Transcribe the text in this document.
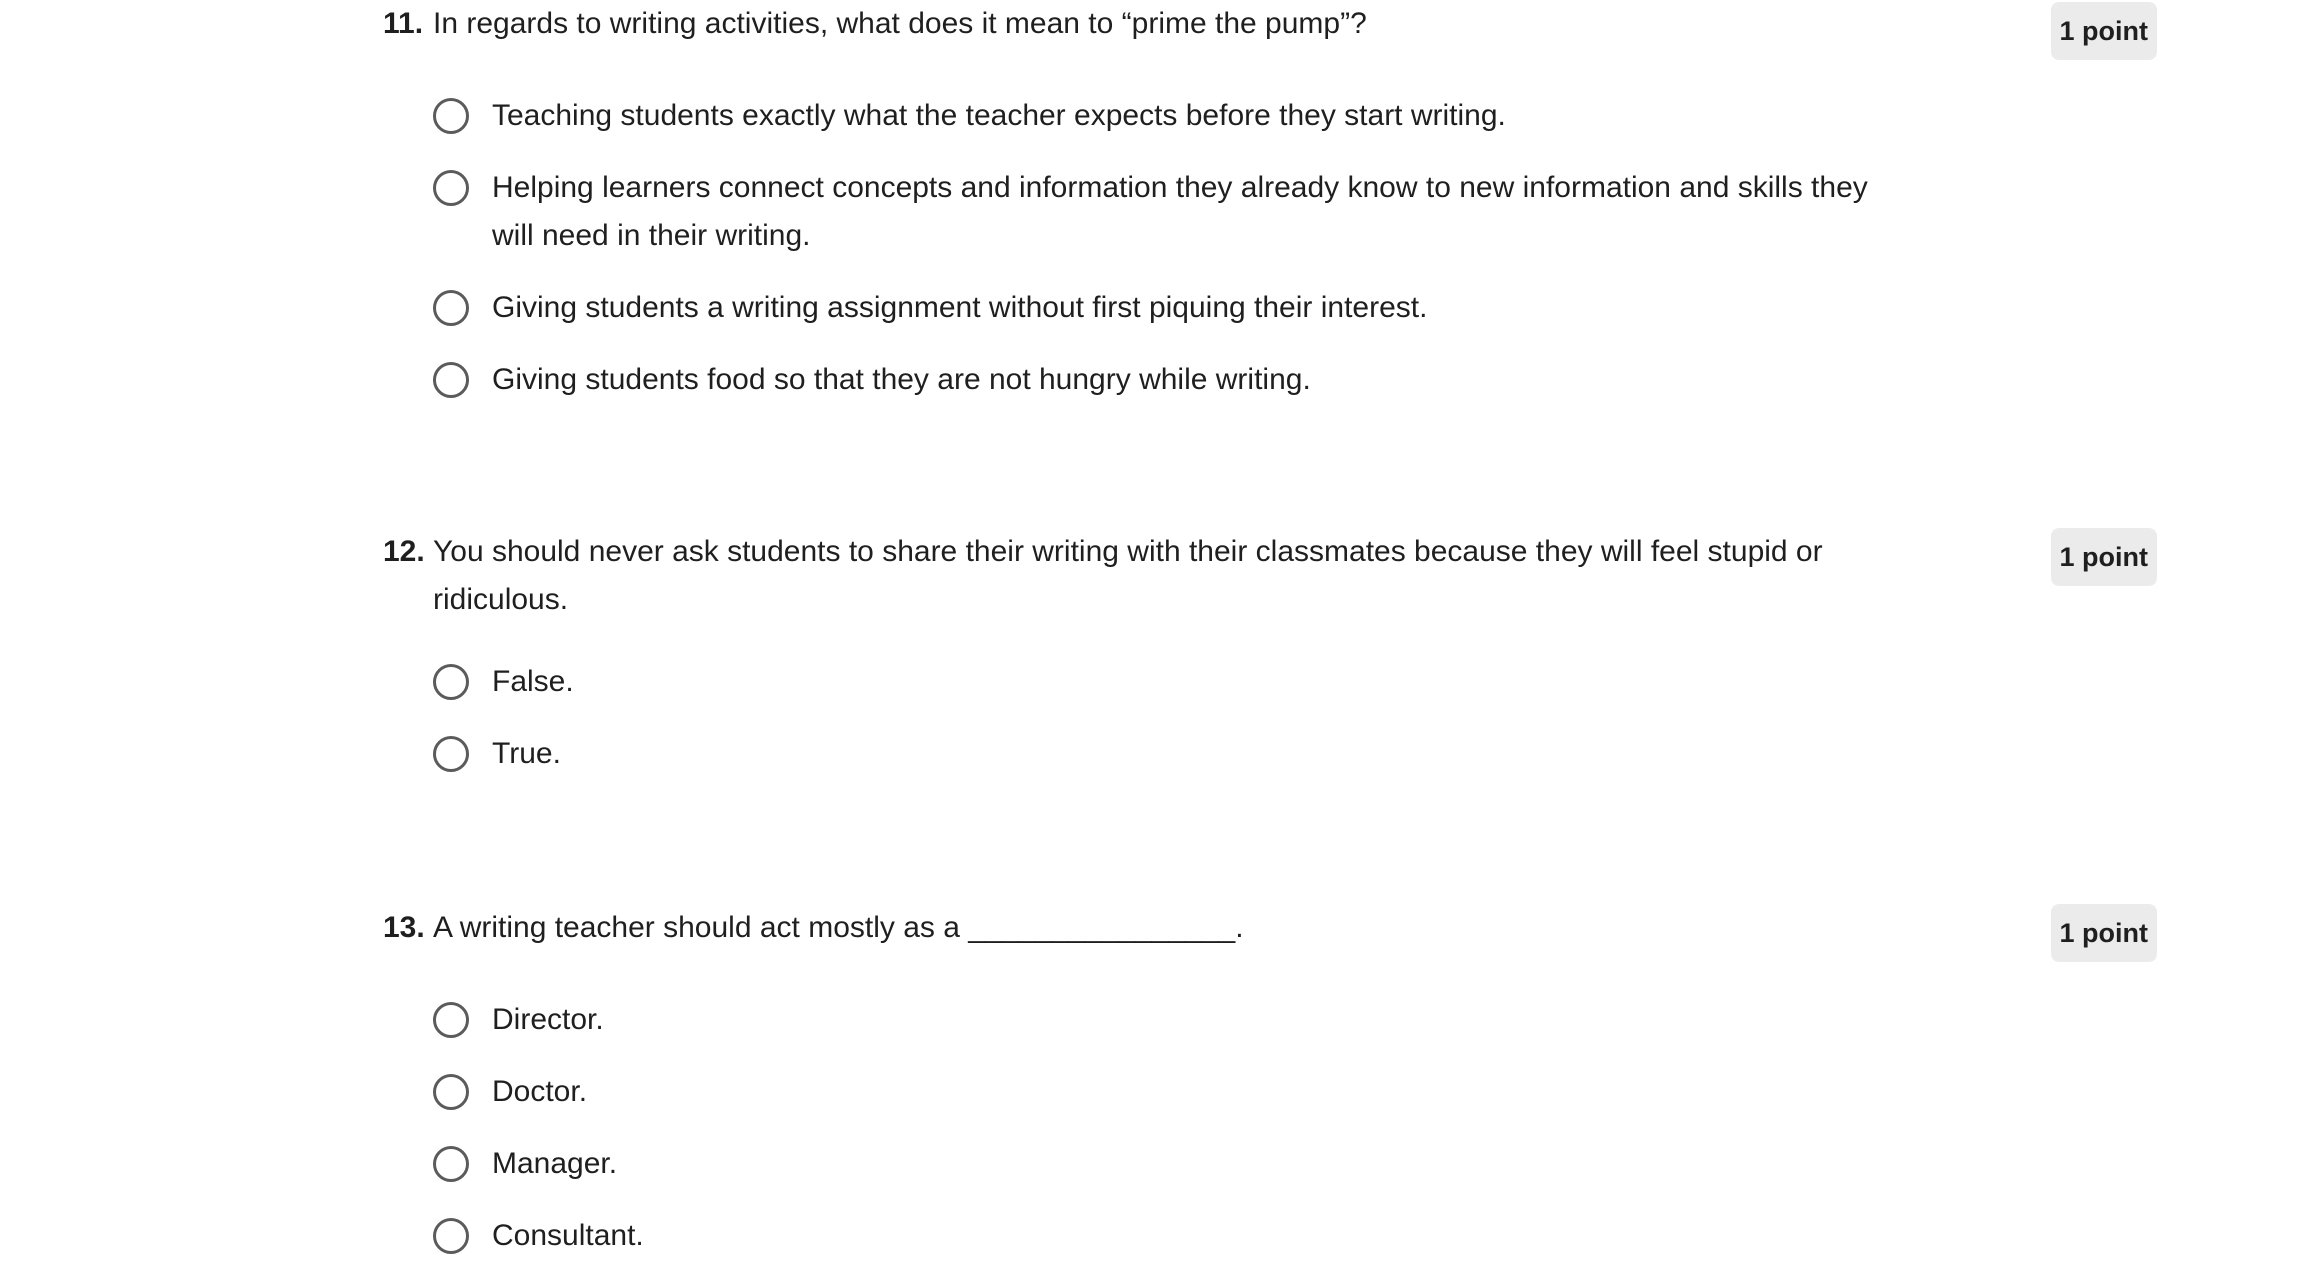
11. In regards to writing activities, what does it mean to “prime the pump”?	1 point
Teaching students exactly what the teacher expects before they start writing.
Helping learners connect concepts and information they already know to new information and skills they will need in their writing.
Giving students a writing assignment without first piquing their interest.
Giving students food so that they are not hungry while writing.
12. You should never ask students to share their writing with their classmates because they will feel stupid or ridiculous.
1 point
False.
True.
13. A writing teacher should act mostly as a ________________.	1 point
Director.
Doctor.
Manager.
Consultant.
